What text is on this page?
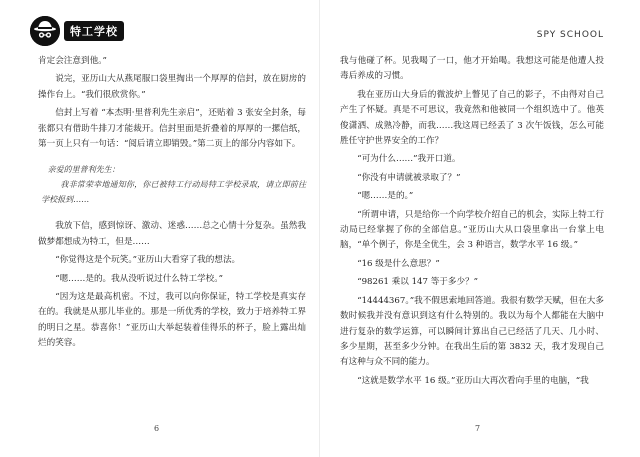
特工学校

肯定会注意到他。”

说完，亚历山大从燕尾服口袋里掏出一个厚厚的信封，放在厨房的操作台上。“我们很欣赏你。”

信封上写着 “本杰明·里普利先生亲启”，还贴着 3 张安全封条，每张都只有借助牛排刀才能裁开。信封里面是折叠着的厚厚的一摞信纸，第一页上只有一句话：“阅后请立即销毁。”第二页上的部分内容如下。

亲爱的里普利先生：
我非常荣幸地通知你，你已被特工行动局特工学校录取，请立即前往学校报到……

我放下信，感到惊讶、激动、迷惑……总之心情十分复杂。虽然我做梦都想成为特工，但是……

“你觉得这是个玩笑。”亚历山大看穿了我的想法。

“嗯……是的。我从没听说过什么特工学校。”

“因为这是最高机密。不过，我可以向你保证，特工学校是真实存在的。我就是从那儿毕业的。那是一所优秀的学校，致力于培养特工界的明日之星。恭喜你！”亚历山大举起装着佳得乐的杯子，脸上露出灿烂的笑容。

6
SPY SCHOOL

我与他碰了杯。见我喝了一口，他才开始喝。我想这可能是他遭人投毒后养成的习惯。

我在亚历山大身后的微波炉上瞥见了自己的影子，不由得对自己产生了怀疑。真是不可思议，我竟然和他被同一个组织选中了。他英俊潇洒、成熟冷静，而我……我这周已经丢了 3 次午饭钱，怎么可能胜任守护世界安全的工作？

“可为什么……”我开口道。

“你没有申请就被录取了？”

“嗯……是的。”

“所谓申请，只是给你一个向学校介绍自己的机会，实际上特工行动局已经掌握了你的全部信息。”亚历山大从口袋里拿出一台掌上电脑，“单个例子，你是全优生，会 3 种语言，数学水平 16 级。”

“16 级是什么意思？”

“98261 乘以 147 等于多少？”

“14444367。”我不假思索地回答道。我很有数学天赋，但在大多数时候我并没有意识到这有什么特别的。我以为每个人都能在大脑中进行复杂的数学运算，可以瞬间计算出自己已经活了几天、几小时、多少星期，甚至多少分钟。在我出生后的第 3832 天，我才发现自己有这种与众不同的能力。

“这就是数学水平 16 级。”亚历山大再次看向手里的电脑，“我

7
